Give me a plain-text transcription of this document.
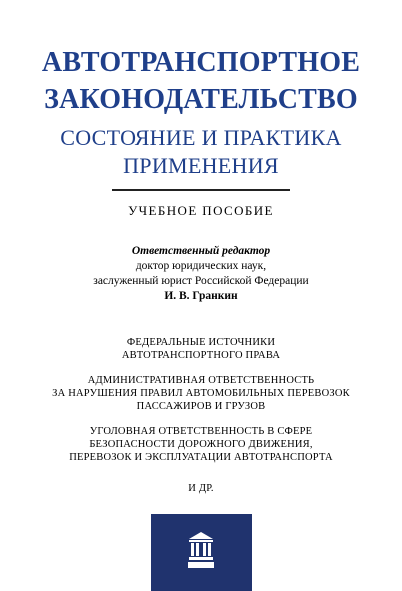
АВТОТРАНСПОРТНОЕ
ЗАКОНОДАТЕЛЬСТВО
СОСТОЯНИЕ И ПРАКТИКА
ПРИМЕНЕНИЯ
УЧЕБНОЕ ПОСОБИЕ
Ответственный редактор
доктор юридических наук,
заслуженный юрист Российской Федерации
И. В. Гранкин
ФЕДЕРАЛЬНЫЕ ИСТОЧНИКИ
АВТОТРАНСПОРТНОГО ПРАВА
АДМИНИСТРАТИВНАЯ ОТВЕТСТВЕННОСТЬ
ЗА НАРУШЕНИЯ ПРАВИЛ АВТОМОБИЛЬНЫХ ПЕРЕВОЗОК
ПАССАЖИРОВ И ГРУЗОВ
УГОЛОВНАЯ ОТВЕТСТВЕННОСТЬ В СФЕРЕ
БЕЗОПАСНОСТИ ДОРОЖНОГО ДВИЖЕНИЯ,
ПЕРЕВОЗОК И ЭКСПЛУАТАЦИИ АВТОТРАНСПОРТА
И ДР.
